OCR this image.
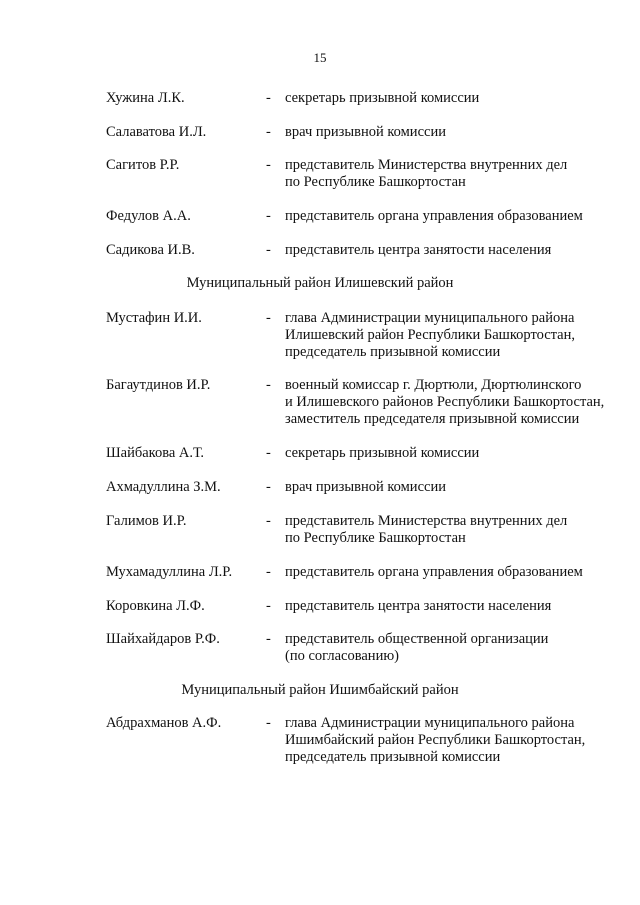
15
Хужина Л.К.	- секретарь призывной комиссии
Салаватова И.Л.	- врач призывной комиссии
Сагитов Р.Р.	- представитель Министерства внутренних дел
по Республике Башкортостан
Федулов А.А.	- представитель органа управления образованием
Садикова И.В.	- представитель центра занятости населения
Муниципальный район Илишевский район
Мустафин И.И.	- глава Администрации муниципального района
Илишевский район Республики Башкортостан,
председатель призывной комиссии
Багаутдинов И.Р.	- военный комиссар г. Дюртюли, Дюртюлинского
и Илишевского районов Республики Башкортостан,
заместитель председателя призывной комиссии
Шайбакова А.Т.	- секретарь призывной комиссии
Ахмадуллина З.М.	- врач призывной комиссии
Галимов И.Р.	- представитель Министерства внутренних дел
по Республике Башкортостан
Мухамадуллина Л.Р. - представитель органа управления образованием
Коровкина Л.Ф.	- представитель центра занятости населения
Шайхайдаров Р.Ф.	- представитель общественной организации
(по согласованию)
Муниципальный район Ишимбайский район
Абдрахманов А.Ф.	- глава Администрации муниципального района
Ишимбайский район Республики Башкортостан,
председатель призывной комиссии
